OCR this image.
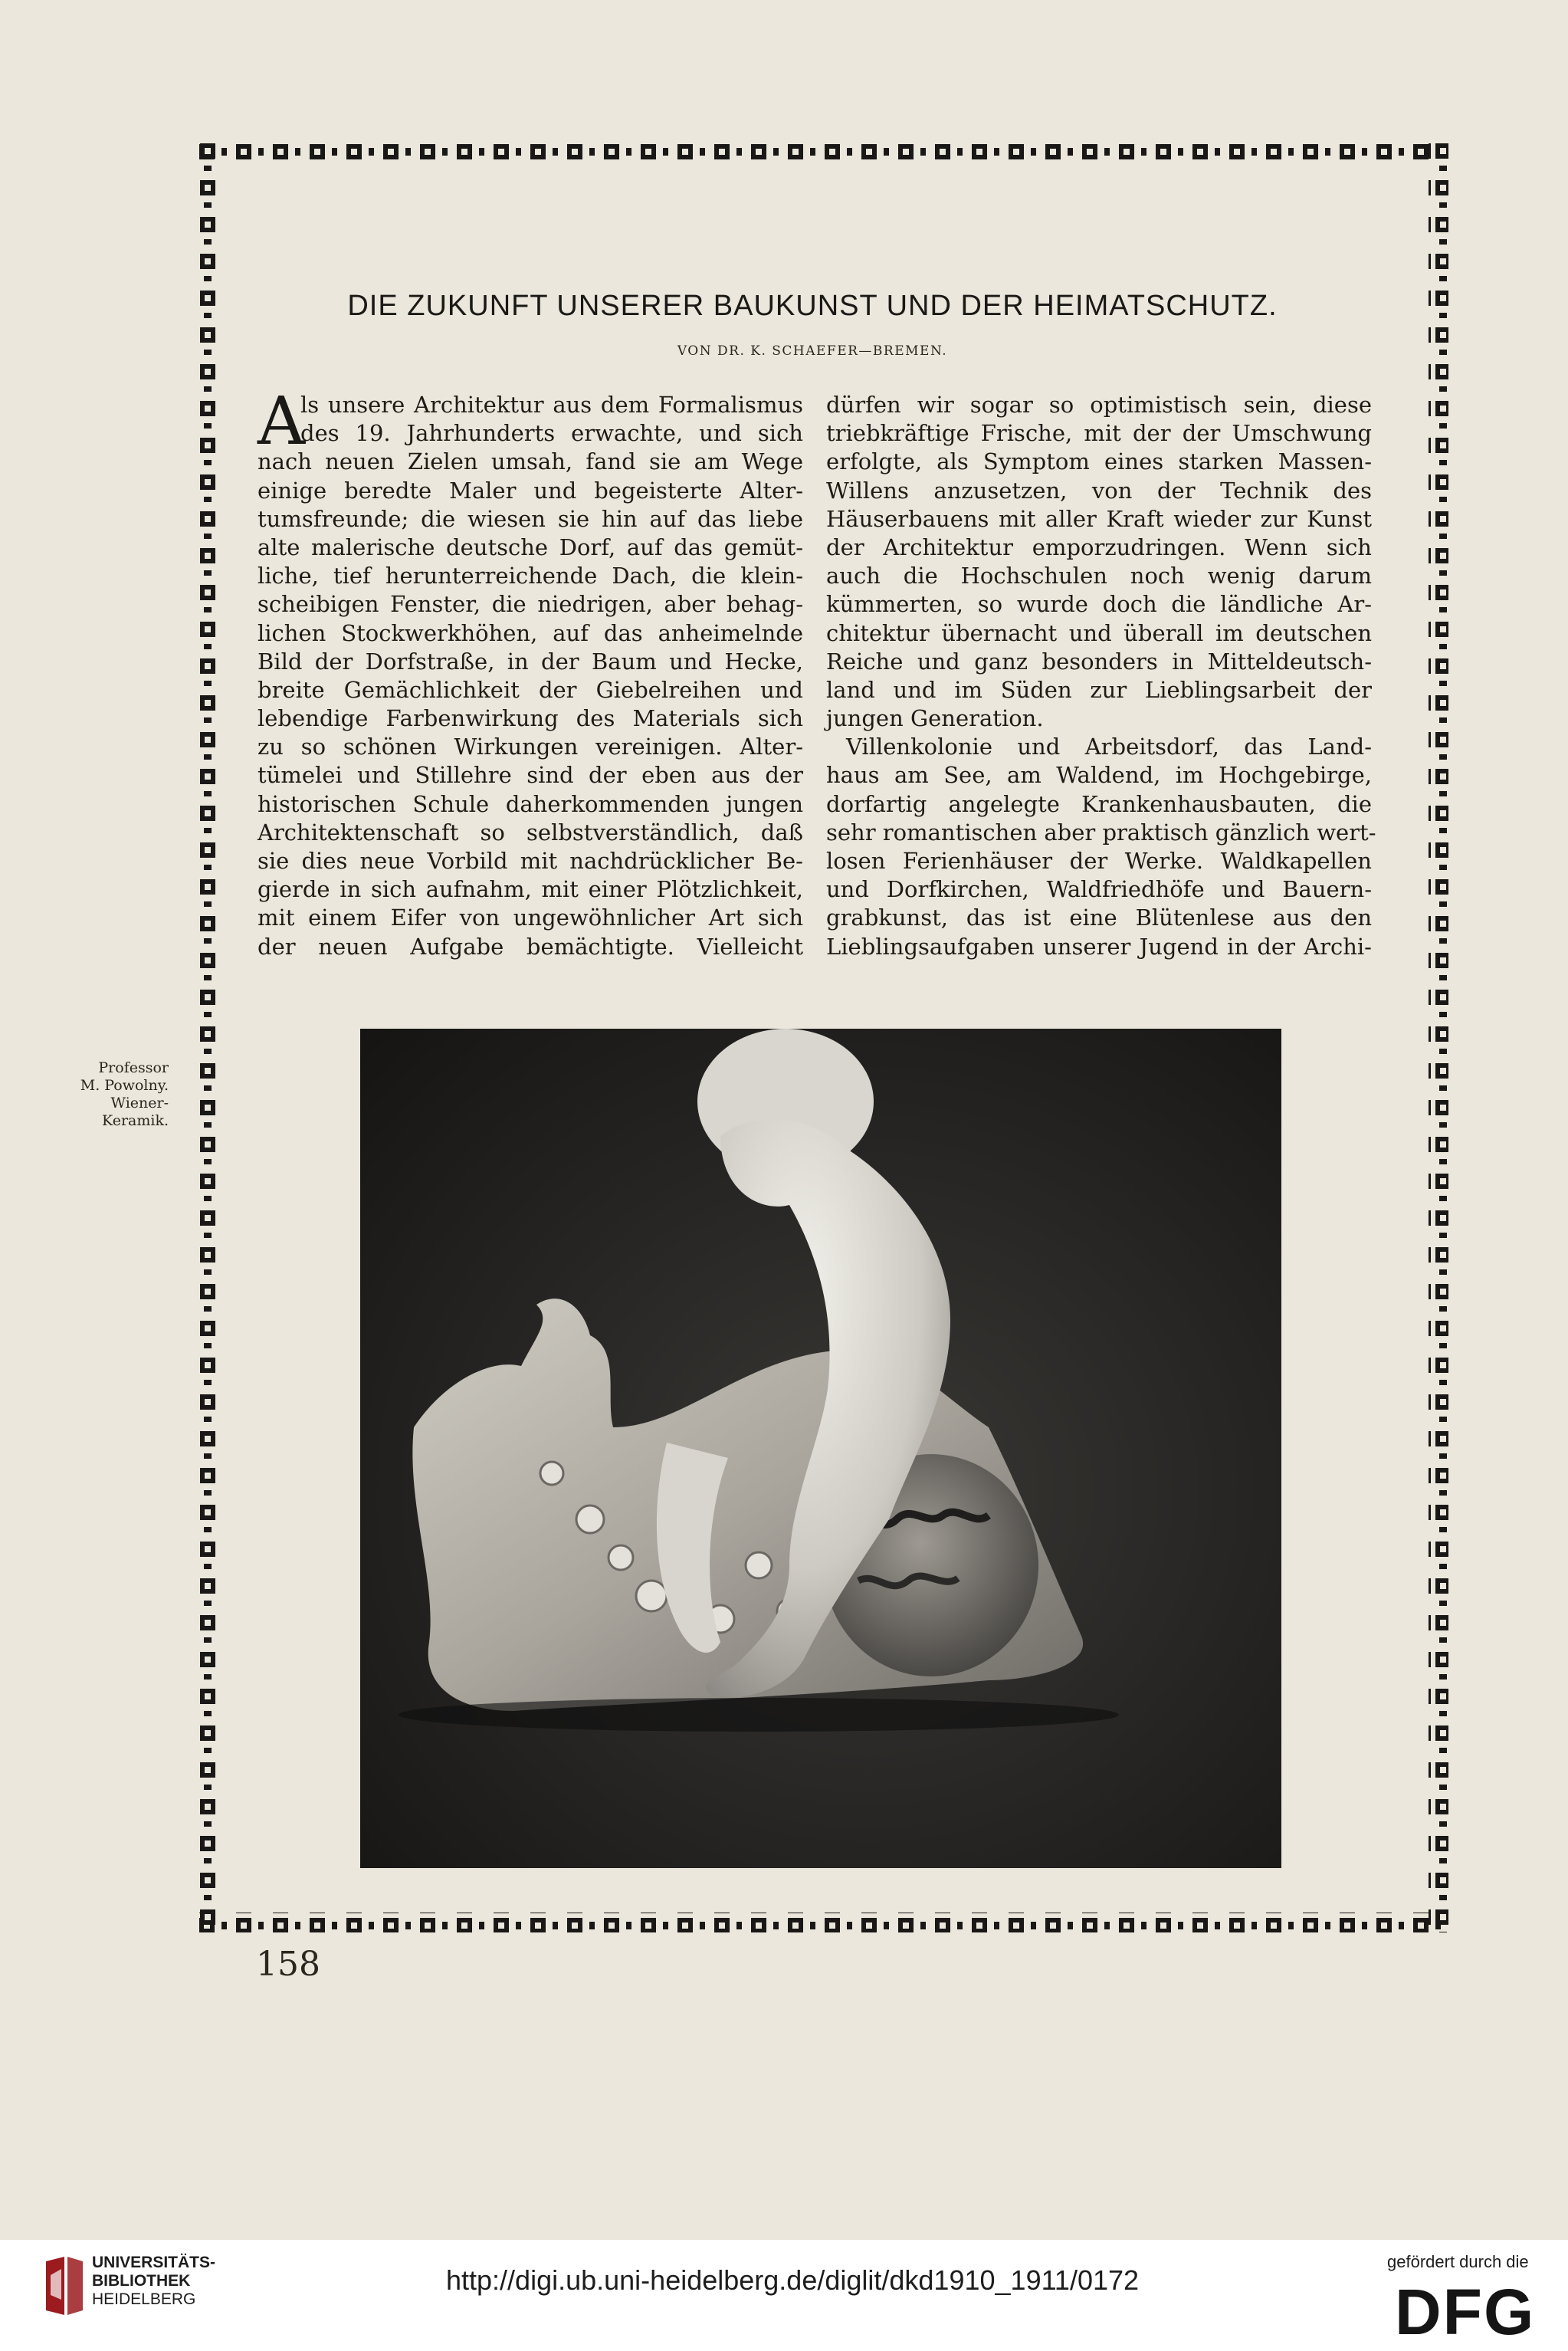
DIE ZUKUNFT UNSERER BAUKUNST UND DER HEIMATSCHUTZ.
VON DR. K. SCHAEFER—BREMEN.
A
ls unsere Architektur aus dem Formalismus
des 19. Jahrhunderts erwachte, und sich
nach neuen Zielen umsah, fand sie am Wege
einige beredte Maler und begeisterte Alter-
tumsfreunde; die wiesen sie hin auf das liebe
alte malerische deutsche Dorf, auf das gemüt-
liche, tief herunterreichende Dach, die klein-
scheibigen Fenster, die niedrigen, aber behag-
lichen Stockwerkhöhen, auf das anheimelnde
Bild der Dorfstraße, in der Baum und Hecke,
breite Gemächlichkeit der Giebelreihen und
lebendige Farbenwirkung des Materials sich
zu so schönen Wirkungen vereinigen. Alter-
tümelei und Stillehre sind der eben aus der
historischen Schule daherkommenden jungen
Architektenschaft so selbstverständlich, daß
sie dies neue Vorbild mit nachdrücklicher Be-
gierde in sich aufnahm, mit einer Plötzlichkeit,
mit einem Eifer von ungewöhnlicher Art sich
der neuen Aufgabe bemächtigte. Vielleicht
dürfen wir sogar so optimistisch sein, diese
triebkräftige Frische, mit der der Umschwung
erfolgte, als Symptom eines starken Massen-
Willens anzusetzen, von der Technik des
Häuserbauens mit aller Kraft wieder zur Kunst
der Architektur emporzudringen. Wenn sich
auch die Hochschulen noch wenig darum
kümmerten, so wurde doch die ländliche Ar-
chitektur übernacht und überall im deutschen
Reiche und ganz besonders in Mitteldeutsch-
land und im Süden zur Lieblingsarbeit der
jungen Generation.
Villenkolonie und Arbeitsdorf, das Land-
haus am See, am Waldend, im Hochgebirge,
dorfartig angelegte Krankenhausbauten, die
sehr romantischen aber praktisch gänzlich wert-
losen Ferienhäuser der Werke. Waldkapellen
und Dorfkirchen, Waldfriedhöfe und Bauern-
grabkunst, das ist eine Blütenlese aus den
Lieblingsaufgaben unserer Jugend in der Archi-
Professor
M. Powolny.
Wiener-
Keramik.
158
UNIVERSITÄTS-
BIBLIOTHEK
HEIDELBERG
http://digi.ub.uni-heidelberg.de/diglit/dkd1910_1911/0172
gefördert durch die
DFG
